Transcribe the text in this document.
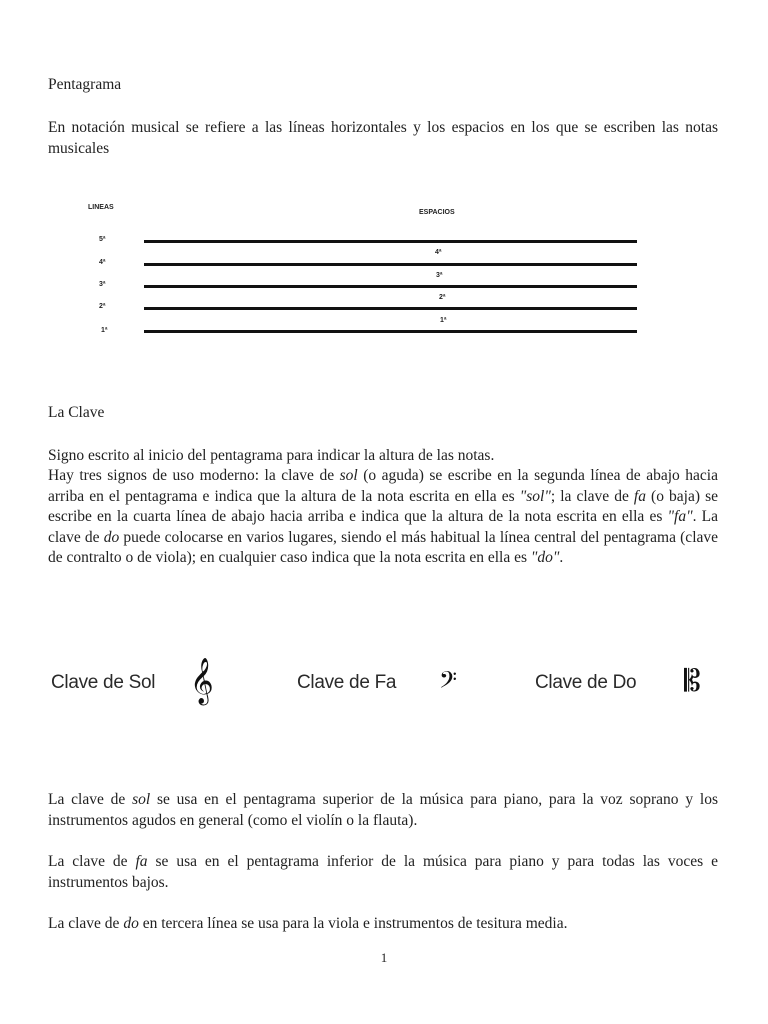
Pentagrama

En notación musical se refiere a las líneas horizontales y los espacios en los que se escriben las notas musicales

LINEAS
ESPACIOS
5ª
4ª
3ª
2ª
1ª
4ª
3ª
2ª
1ª

La Clave

Signo escrito al inicio del pentagrama para indicar la altura de las notas.

Hay tres signos de uso moderno: la clave de sol (o aguda) se escribe en la segunda línea de abajo hacia arriba en el pentagrama e indica que la altura de la nota escrita en ella es "sol"; la clave de fa (o baja) se escribe en la cuarta línea de abajo hacia arriba e indica que la altura de la nota escrita en ella es "fa". La clave de do puede colocarse en varios lugares, siendo el más habitual la línea central del pentagrama (clave de contralto o de viola); en cualquier caso indica que la nota escrita en ella es "do".

Clave de Sol 𝄞	Clave de Fa 𝄢	Clave de Do 𝄡

La clave de sol se usa en el pentagrama superior de la música para piano, para la voz soprano y los instrumentos agudos en general (como el violín o la flauta).

La clave de fa se usa en el pentagrama inferior de la música para piano y para todas las voces e instrumentos bajos.

La clave de do en tercera línea se usa para la viola e instrumentos de tesitura media.

1
